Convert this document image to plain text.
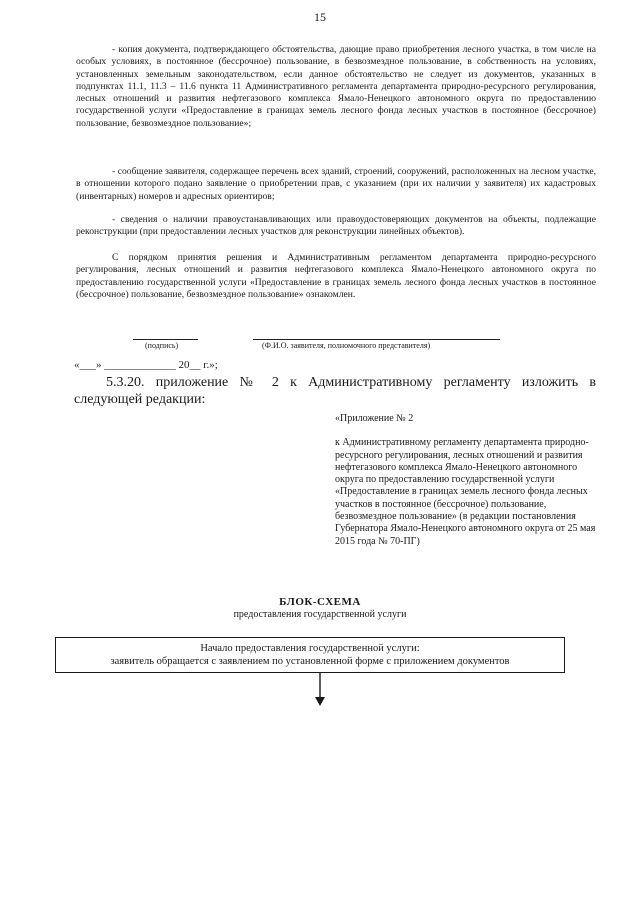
15

- копия документа, подтверждающего обстоятельства, дающие право приобретения лесного участка, в том числе на особых условиях, в постоянное (бессрочное) пользование, в безвозмездное пользование, в собственность на условиях, установленных земельным законодательством, если данное обстоятельство не следует из документов, указанных в подпунктах 11.1, 11.3 – 11.6 пункта 11 Административного регламента департамента природно-ресурсного регулирования, лесных отношений и развития нефтегазового комплекса Ямало-Ненецкого автономного округа по предоставлению государственной услуги «Предоставление в границах земель лесного фонда лесных участков в постоянное (бессрочное) пользование, безвозмездное пользование»;

- сообщение заявителя, содержащее перечень всех зданий, строений, сооружений, расположенных на лесном участке, в отношении которого подано заявление о приобретении прав, с указанием (при их наличии у заявителя) их кадастровых (инвентарных) номеров и адресных ориентиров;

- сведения о наличии правоустанавливающих или правоудостоверяющих документов на объекты, подлежащие реконструкции (при предоставлении лесных участков для реконструкции линейных объектов).

С порядком принятия решения и Административным регламентом департамента природно-ресурсного регулирования, лесных отношений и развития нефтегазового комплекса Ямало-Ненецкого автономного округа по предоставлению государственной услуги «Предоставление в границах земель лесного фонда лесных участков в постоянное (бессрочное) пользование, безвозмездное пользование» ознакомлен.

(подпись)	(Ф.И.О. заявителя, полномочного представителя)
«___» _____________ 20__ г.»;

5.3.20. приложение № 2 к Административному регламенту изложить в следующей редакции:

«Приложение № 2

к Административному регламенту департамента природно-ресурсного регулирования, лесных отношений и развития нефтегазового комплекса Ямало-Ненецкого автономного округа по предоставлению государственной услуги «Предоставление в границах земель лесного фонда лесных участков в постоянное (бессрочное) пользование, безвозмездное пользование» (в редакции постановления Губернатора Ямало-Ненецкого автономного округа от 25 мая 2015 года № 70-ПГ)

БЛОК-СХЕМА
предоставления государственной услуги
Начало предоставления государственной услуги:
заявитель обращается с заявлением по установленной форме с приложением документов
